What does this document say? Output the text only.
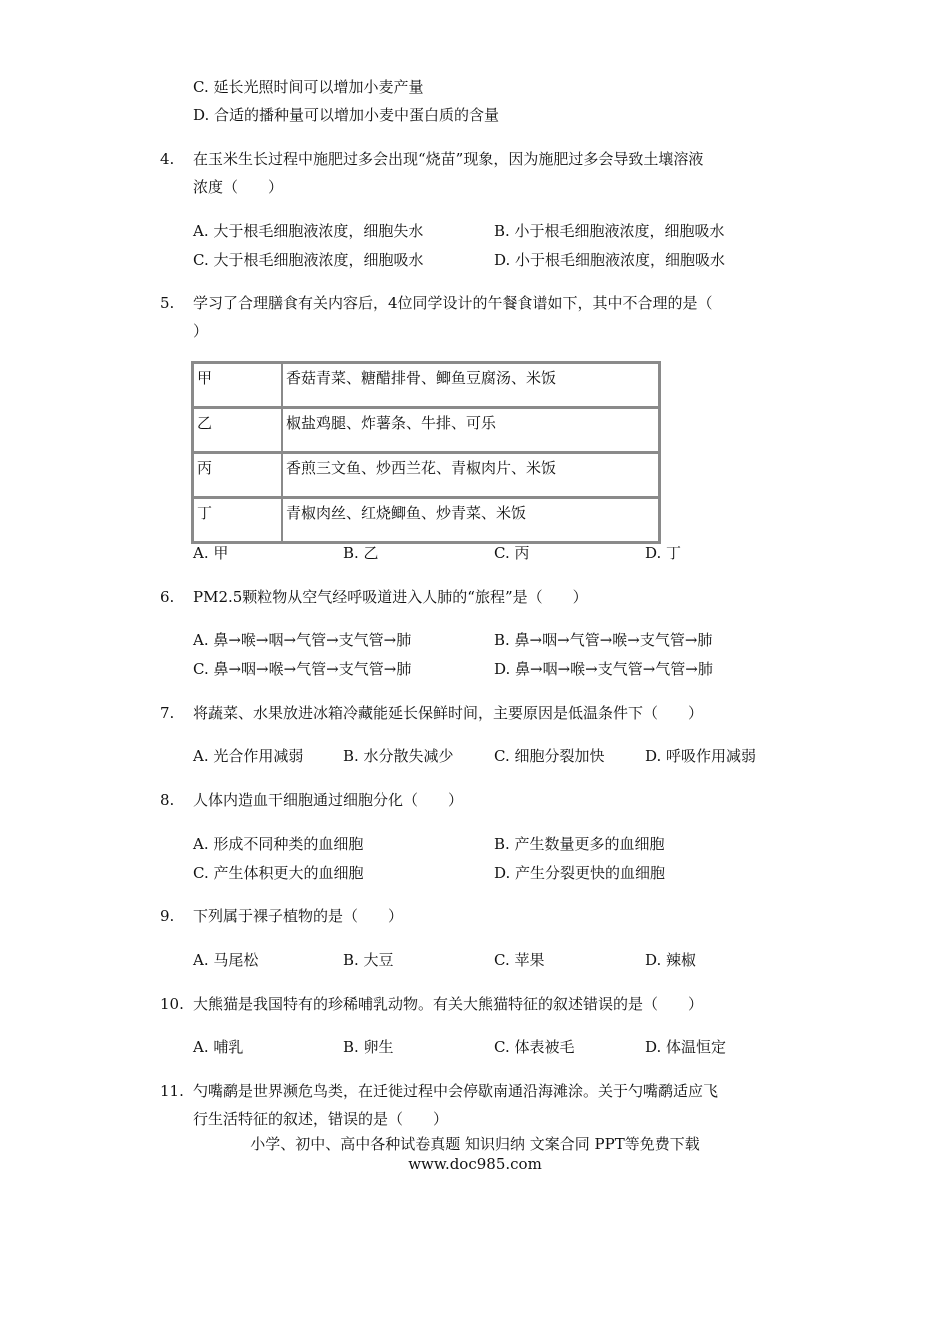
C. 延长光照时间可以增加小麦产量
D. 合适的播种量可以增加小麦中蛋白质的含量
4.	在玉米生长过程中施肥过多会出现“烧苗”现象，因为施肥过多会导致土壤溶液
浓度（　　）
A. 大于根毛细胞液浓度，细胞失水	B. 小于根毛细胞液浓度，细胞吸水
C. 大于根毛细胞液浓度，细胞吸水	D. 小于根毛细胞液浓度，细胞吸水
5.	学习了合理膳食有关内容后，4位同学设计的午餐食谱如下，其中不合理的是（
）
甲	香菇青菜、糖醋排骨、鲫鱼豆腐汤、米饭
乙	椒盐鸡腿、炸薯条、牛排、可乐
丙	香煎三文鱼、炒西兰花、青椒肉片、米饭
丁	青椒肉丝、红烧鲫鱼、炒青菜、米饭
A. 甲	B. 乙	C. 丙	D. 丁
6.	PM2.5颗粒物从空气经呼吸道进入人肺的“旅程”是（　　）
A. 鼻→喉→咽→气管→支气管→肺	B. 鼻→咽→气管→喉→支气管→肺
C. 鼻→咽→喉→气管→支气管→肺	D. 鼻→咽→喉→支气管→气管→肺
7.	将蔬菜、水果放进冰箱冷藏能延长保鲜时间，主要原因是低温条件下（　　）
A. 光合作用减弱	B. 水分散失减少	C. 细胞分裂加快	D. 呼吸作用减弱
8.	人体内造血干细胞通过细胞分化（　　）
A. 形成不同种类的血细胞	B. 产生数量更多的血细胞
C. 产生体积更大的血细胞	D. 产生分裂更快的血细胞
9.	下列属于裸子植物的是（　　）
A. 马尾松	B. 大豆	C. 苹果	D. 辣椒
10. 大熊猫是我国特有的珍稀哺乳动物。有关大熊猫特征的叙述错误的是（　　）
A. 哺乳	B. 卵生	C. 体表被毛	D. 体温恒定
11. 勺嘴鹬是世界濒危鸟类，在迁徙过程中会停歇南通沿海滩涂。关于勺嘴鹬适应飞
行生活特征的叙述，错误的是（　　）
小学、初中、高中各种试卷真题 知识归纳 文案合同 PPT等免费下载
www.doc985.com
